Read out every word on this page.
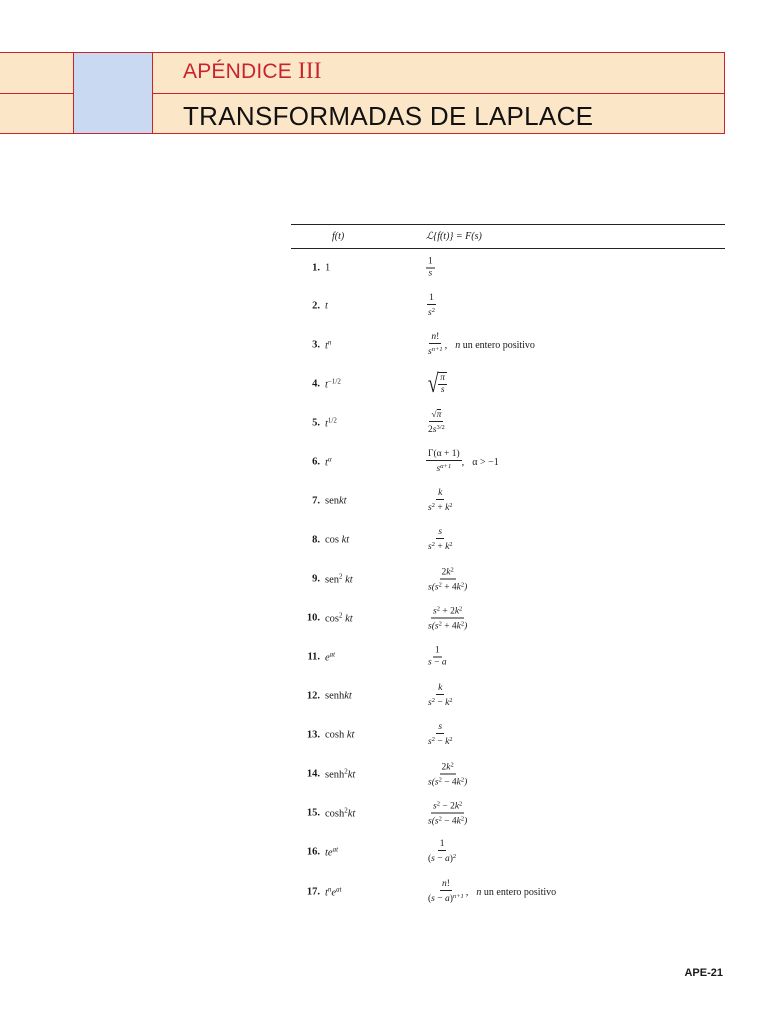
APÉNDICE III
TRANSFORMADAS DE LAPLACE
f(t)	ℒ{f(t)} = F(s)
1. 1	$\frac{1}{s}$
2. t	$\frac{1}{s^2}$
3. $t^n$	$\frac{n!}{s^{n+1}}$ , n un entero positivo
4. $t^{-1/2}$	√ $\frac{\pi}{s}$
5. $t^{1/2}$	$\frac{√\pi}{2s^{3/2}}$
6. $t^\alpha$	$\frac{\Gamma(\alpha + 1)}{s^{\alpha+1}}$ , α > −1
7. senkt	$\frac{k}{s^2 + k^2}$
8. cos kt	$\frac{s}{s^2 + k^2}$
9. sen$^2$ kt	$\frac{2k^2}{s(s^2 + 4k^2)}$
10. $\cos^2$ kt	$\frac{s^2 + 2k^2}{s(s^2 + 4k^2)}$
11. $e^{at}$	$\frac{1}{s - a}$
12. senhkt	$\frac{k}{s^2 - k^2}$
13. cosh kt	$\frac{s}{s^2 - k^2}$
14. senh$^2$kt	$\frac{2k^2}{s(s^2 - 4k^2)}$
15. $\cosh^2kt$	$\frac{s^2 - 2k^2}{s(s^2 - 4k^2)}$
16. $te^{at}$	$\frac{1}{(s - a)^2}$
17. $t^ne^{at}$	$\frac{n!}{(s - a)^{n+1}}$ , n un entero positivo
APE-21
